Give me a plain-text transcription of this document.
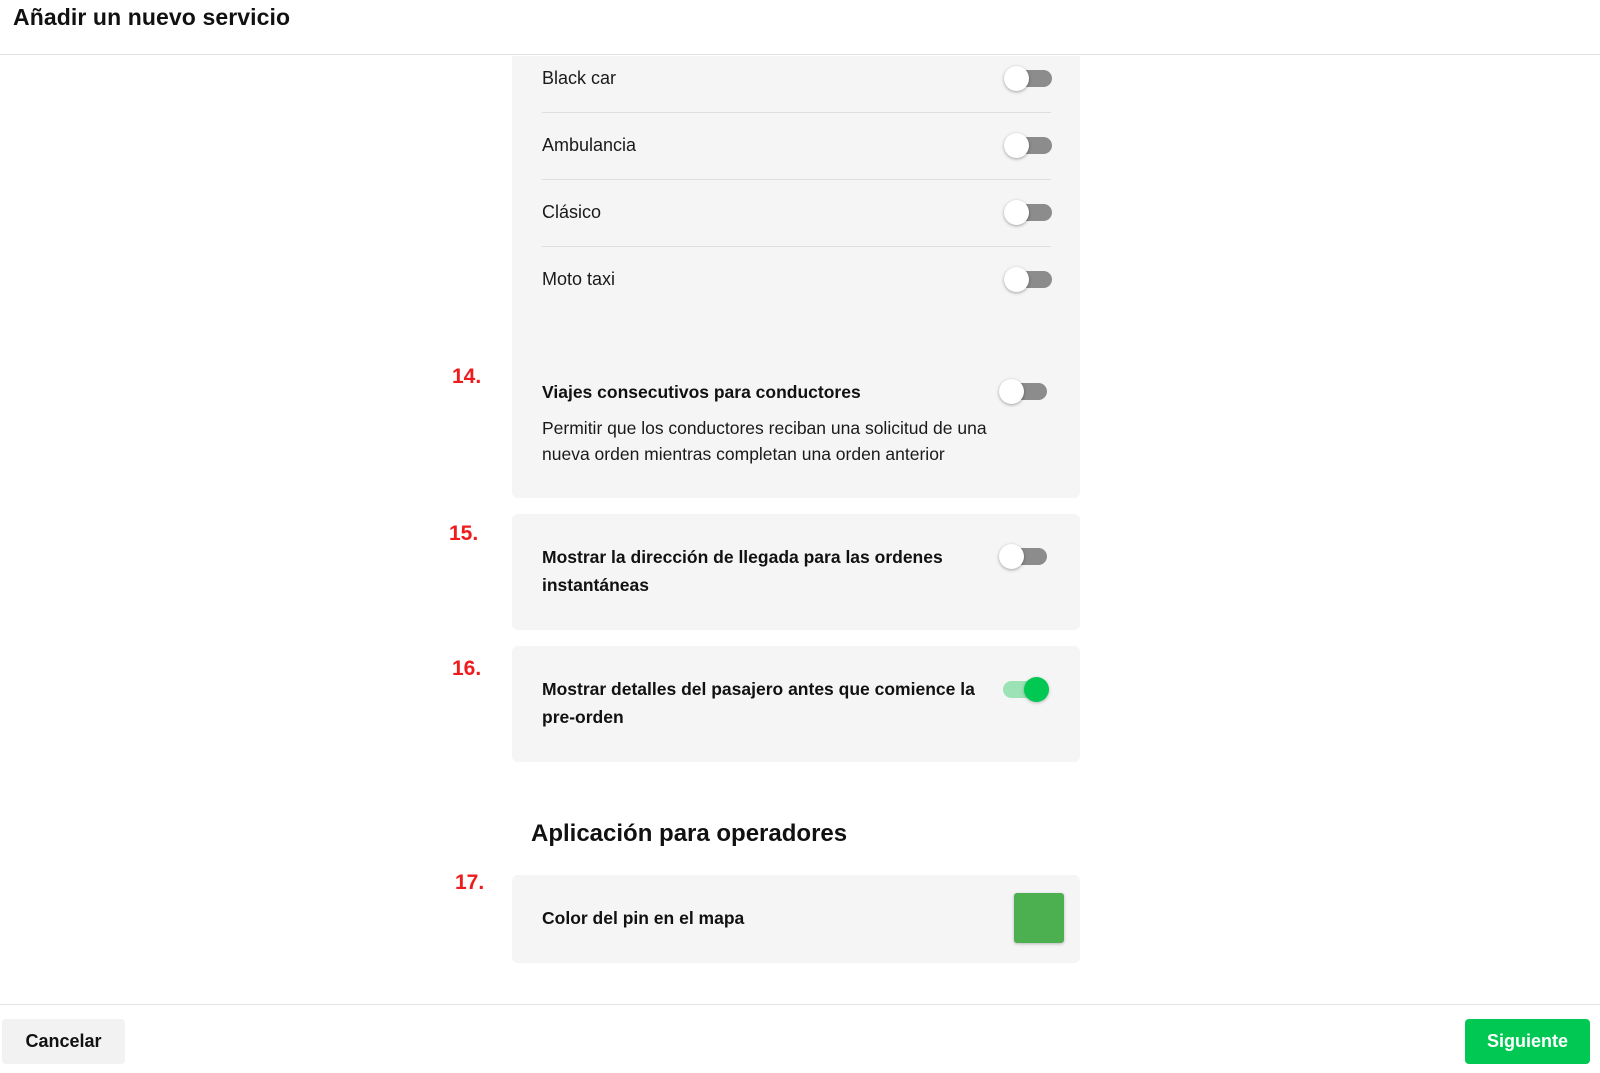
Añadir un nuevo servicio
Black car
Ambulancia
Clásico
Moto taxi
14.
Viajes consecutivos para conductores
Permitir que los conductores reciban una solicitud de una nueva orden mientras completan una orden anterior
15.
Mostrar la dirección de llegada para las ordenes instantáneas
16.
Mostrar detalles del pasajero antes que comience la pre-orden
Aplicación para operadores
17.
Color del pin en el mapa
Cancelar	Siguiente
